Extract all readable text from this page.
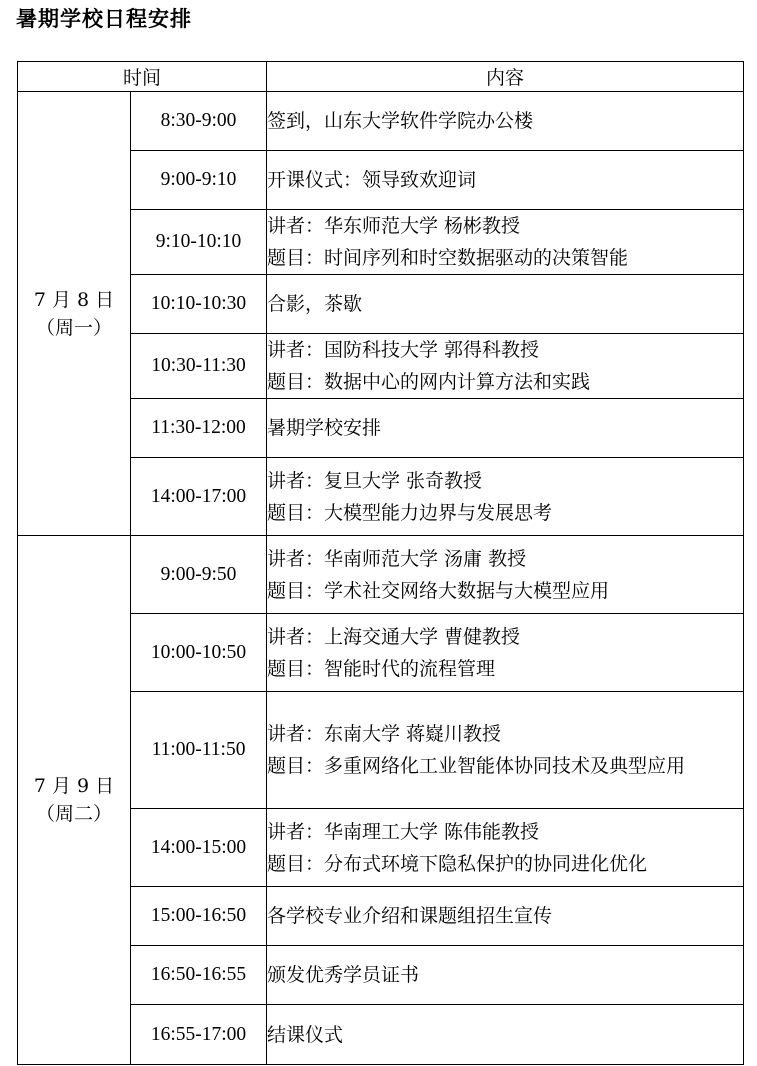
暑期学校日程安排
时间		内容

7 月 8 日
（周一）	8:30-9:00	签到，山东大学软件学院办公楼

	9:00-9:10	开课仪式：领导致欢迎词

	9:10-10:10	讲者：华东师范大学 杨彬教授
题目：时间序列和时空数据驱动的决策智能

	10:10-10:30	合影，茶歇

	10:30-11:30	讲者：国防科技大学 郭得科教授
题目：数据中心的网内计算方法和实践

	11:30-12:00	暑期学校安排

	14:00-17:00	讲者：复旦大学 张奇教授
题目：大模型能力边界与发展思考

7 月 9 日
（周二）	9:00-9:50	讲者：华南师范大学 汤庸 教授
题目：学术社交网络大数据与大模型应用

	10:00-10:50	讲者：上海交通大学 曹健教授
题目：智能时代的流程管理

	11:00-11:50	讲者：东南大学 蒋嶷川教授
题目：多重网络化工业智能体协同技术及典型应用

	14:00-15:00	讲者：华南理工大学 陈伟能教授
题目：分布式环境下隐私保护的协同进化优化

	15:00-16:50	各学校专业介绍和课题组招生宣传

	16:50-16:55	颁发优秀学员证书

	16:55-17:00	结课仪式
